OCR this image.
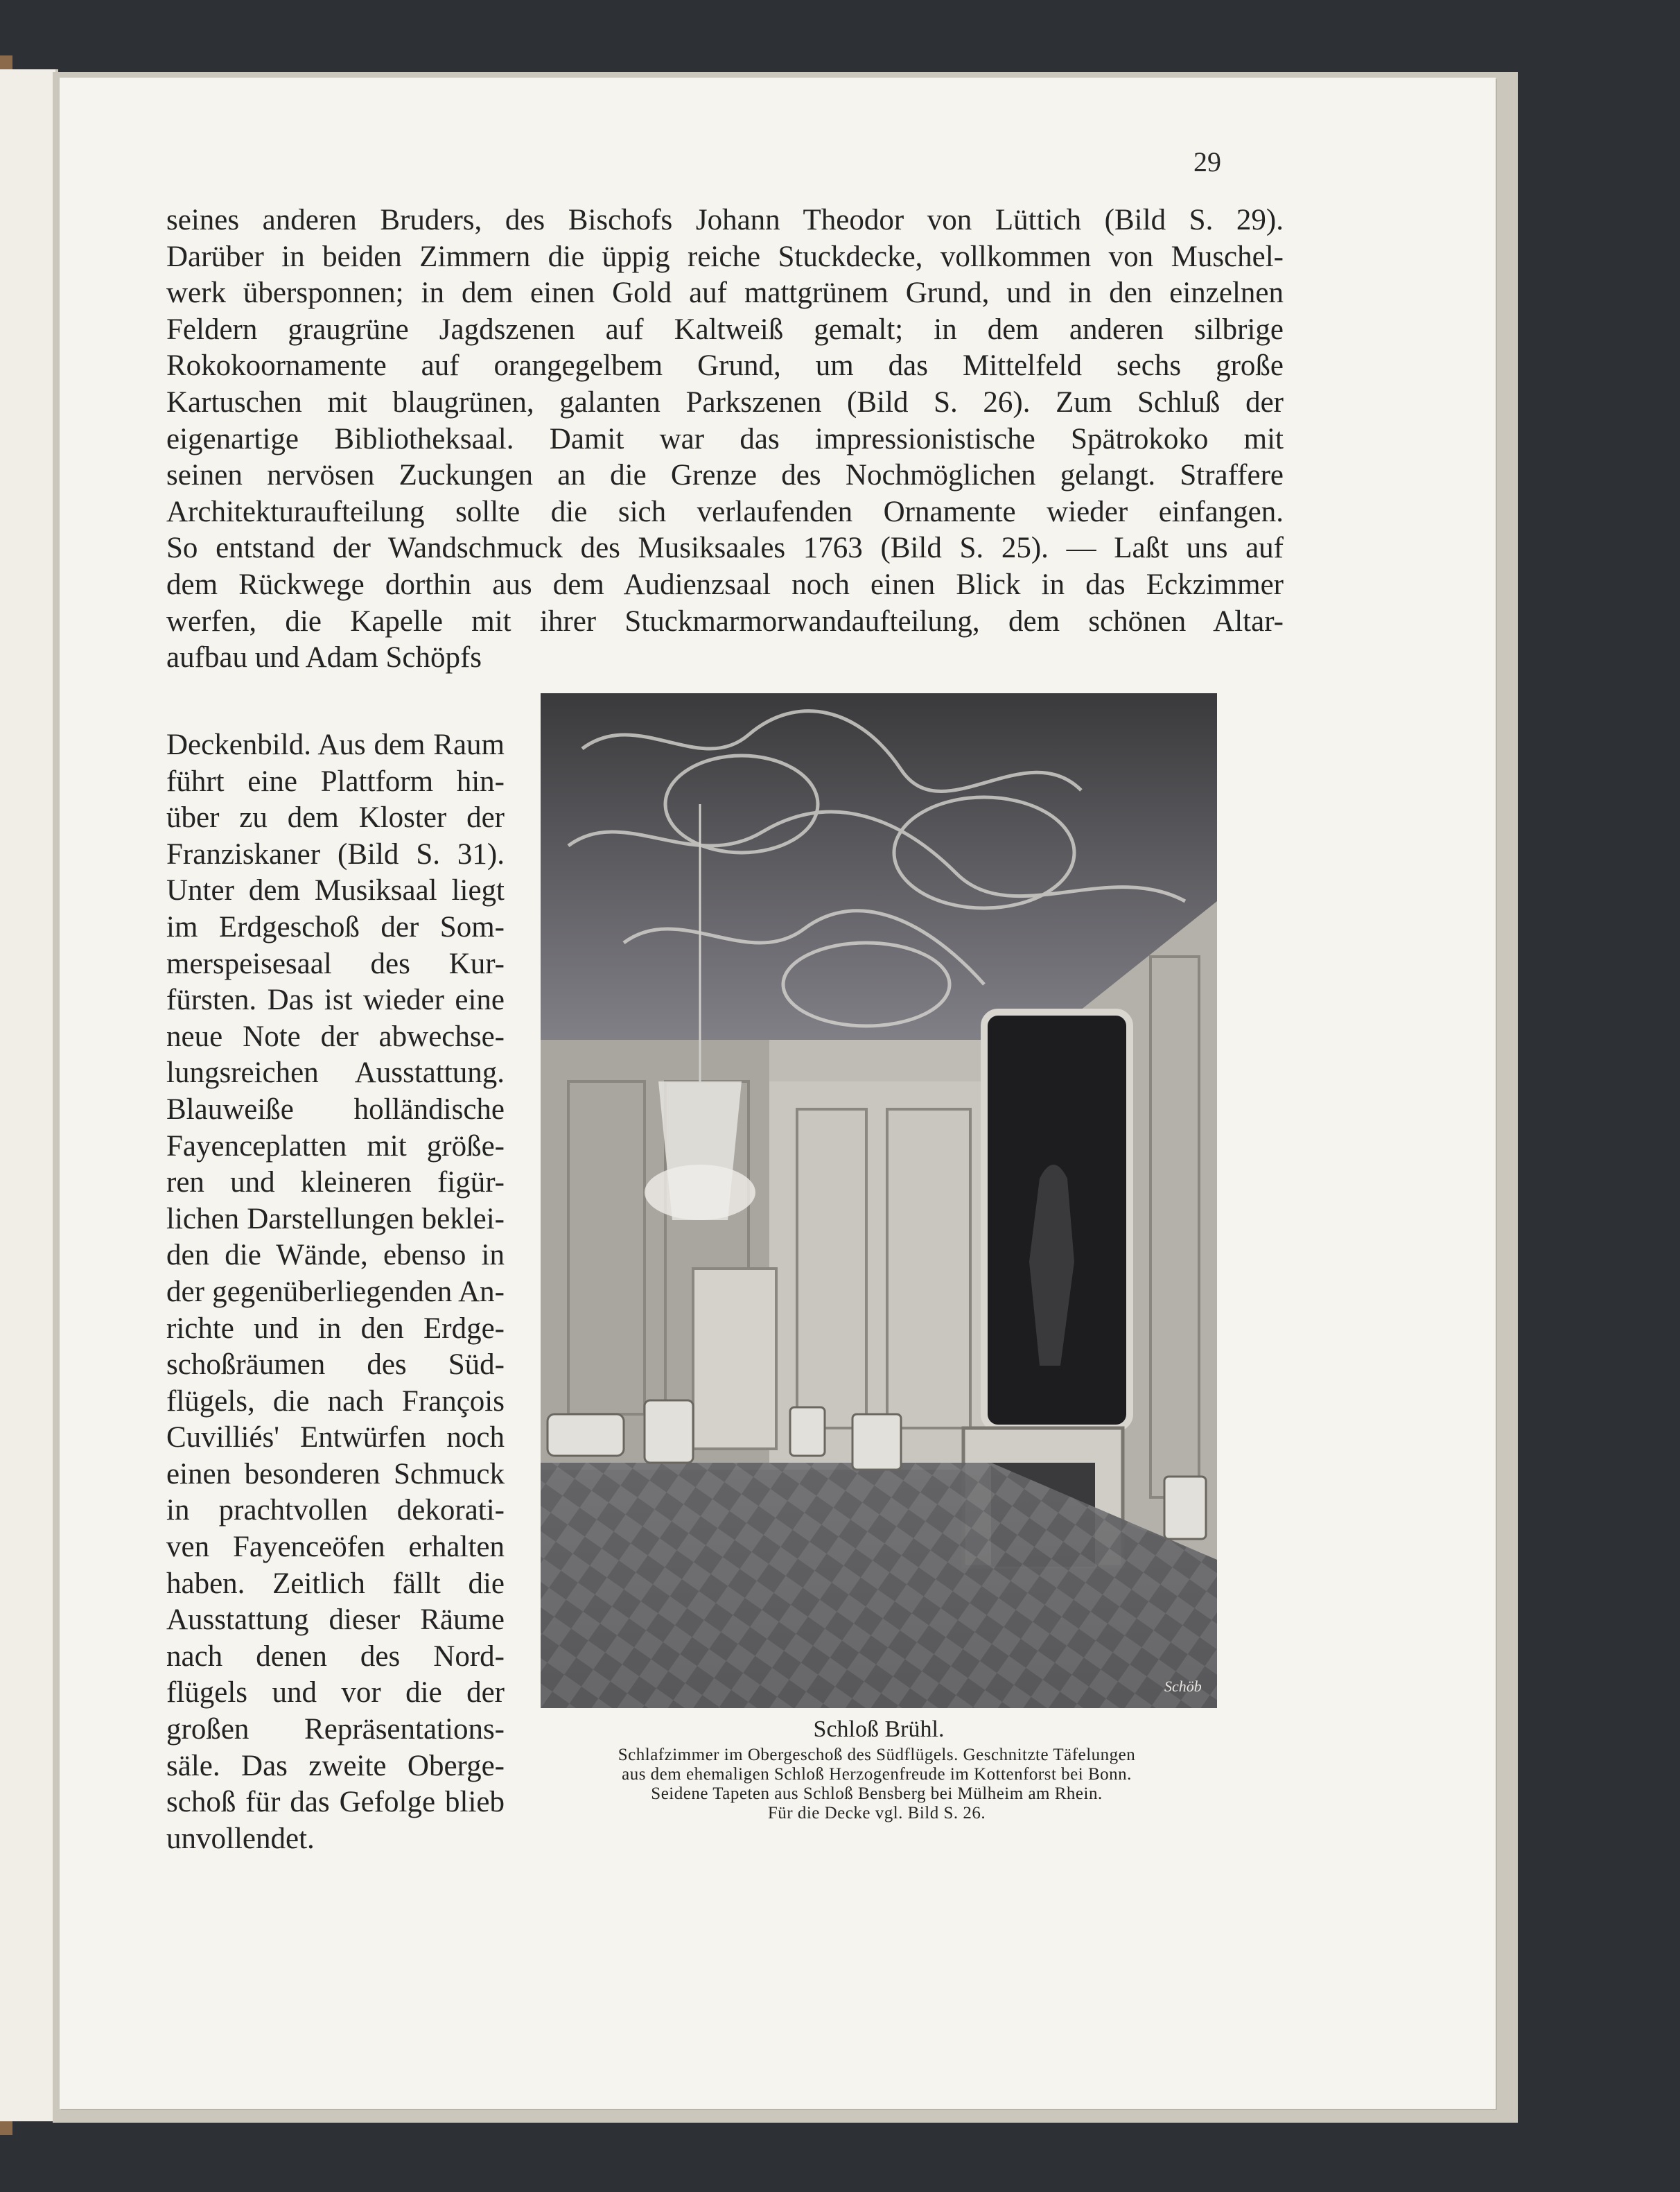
29
seines anderen Bruders, des Bischofs Johann Theodor von Lüttich (Bild S. 29).
Darüber in beiden Zimmern die üppig reiche Stuckdecke, vollkommen von Muschel-
werk übersponnen; in dem einen Gold auf mattgrünem Grund, und in den einzelnen
Feldern graugrüne Jagdszenen auf Kaltweiß gemalt; in dem anderen silbrige
Rokokoornamente auf orangegelbem Grund, um das Mittelfeld sechs große
Kartuschen mit blaugrünen, galanten Parkszenen (Bild S. 26). Zum Schluß der
eigenartige Bibliotheksaal. Damit war das impressionistische Spätrokoko mit
seinen nervösen Zuckungen an die Grenze des Nochmöglichen gelangt. Straffere
Architekturaufteilung sollte die sich verlaufenden Ornamente wieder einfangen.
So entstand der Wandschmuck des Musiksaales 1763 (Bild S. 25). — Laßt uns auf
dem Rückwege dorthin aus dem Audienzsaal noch einen Blick in das Eckzimmer
werfen, die Kapelle mit ihrer Stuckmarmorwandaufteilung, dem schönen Altar-
aufbau und Adam Schöpfs
Deckenbild. Aus dem Raum
führt eine Plattform hin-
über zu dem Kloster der
Franziskaner (Bild S. 31).
Unter dem Musiksaal liegt
im Erdgeschoß der Som-
merspeisesaal des Kur-
fürsten. Das ist wieder eine
neue Note der abwechse-
lungsreichen Ausstattung.
Blauweiße holländische
Fayenceplatten mit größe-
ren und kleineren figür-
lichen Darstellungen beklei-
den die Wände, ebenso in
der gegenüberliegenden An-
richte und in den Erdge-
schoßräumen des Süd-
flügels, die nach François
Cuvilliés' Entwürfen noch
einen besonderen Schmuck
in prachtvollen dekorati-
ven Fayenceöfen erhalten
haben. Zeitlich fällt die
Ausstattung dieser Räume
nach denen des Nord-
flügels und vor die der
großen Repräsentations-
säle. Das zweite Oberge-
schoß für das Gefolge blieb
unvollendet.
Schöb
Schloß Brühl.
Schlafzimmer im Obergeschoß des Südflügels. Geschnitzte Täfelungen
aus dem ehemaligen Schloß Herzogenfreude im Kottenforst bei Bonn.
Seidene Tapeten aus Schloß Bensberg bei Mülheim am Rhein.
Für die Decke vgl. Bild S. 26.
